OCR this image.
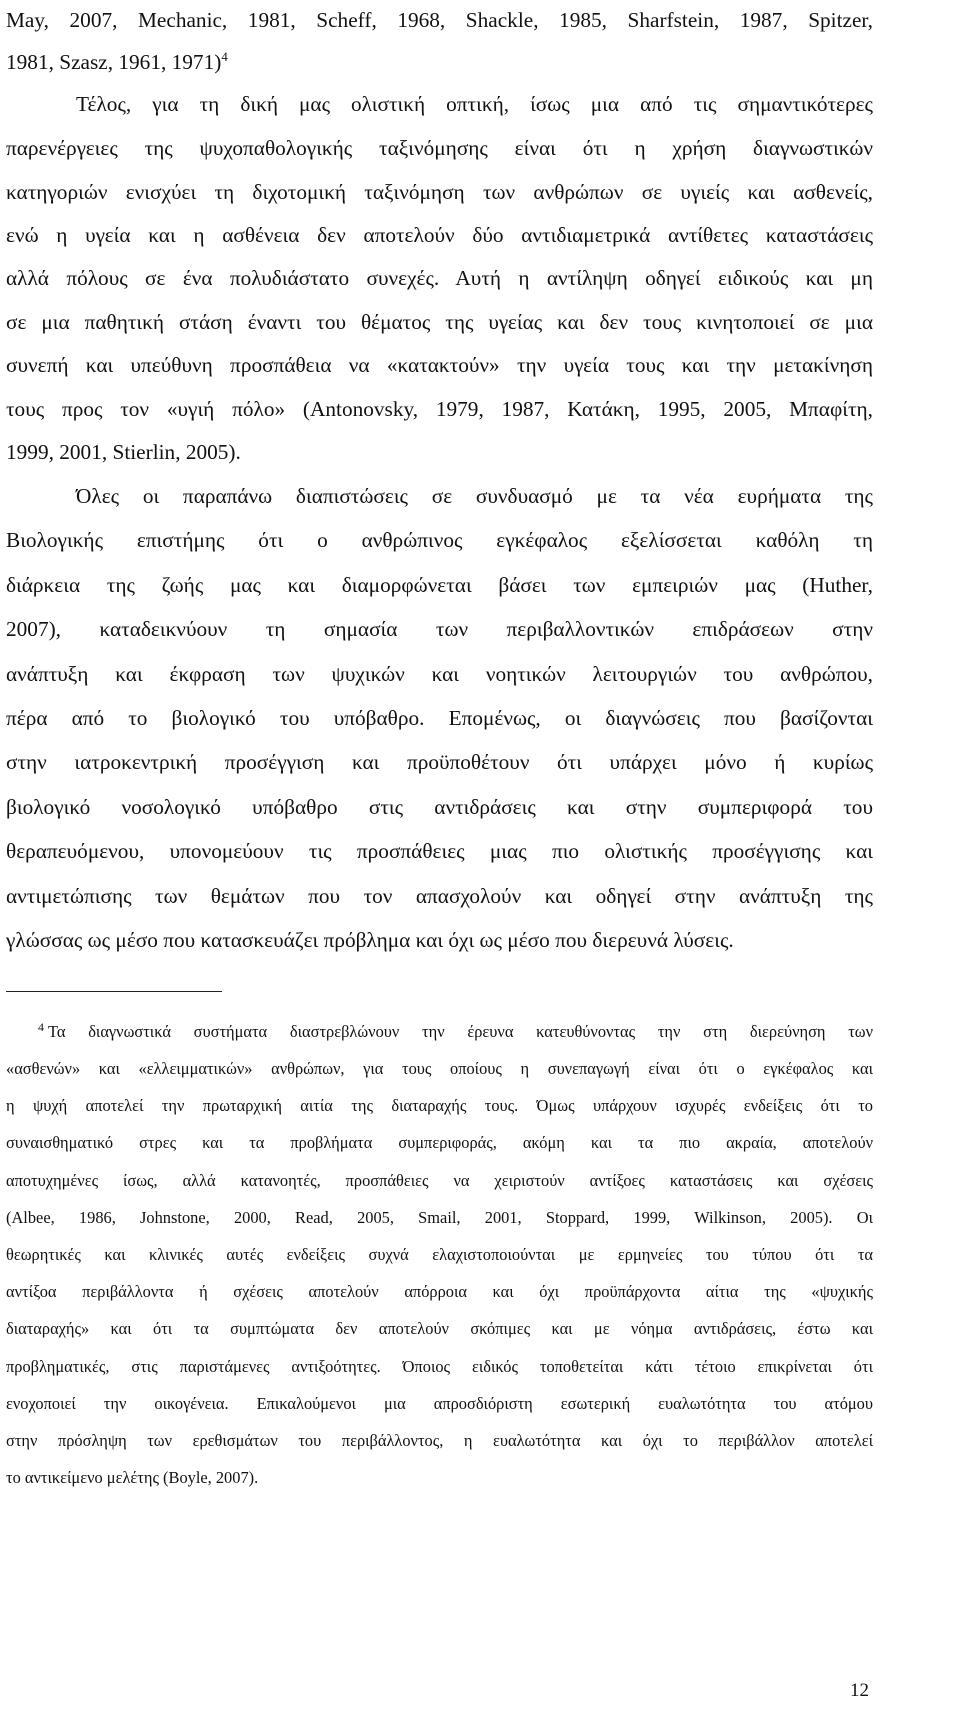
May, 2007, Mechanic, 1981, Scheff, 1968, Shackle, 1985, Sharfstein, 1987, Spitzer,
1981, Szasz, 1961, 1971)$^4$
Τέλος, για τη δική μας ολιστική οπτική, ίσως μια από τις σημαντικότερες
παρενέργειες της ψυχοπαθολογικής ταξινόμησης είναι ότι η χρήση διαγνωστικών
κατηγοριών ενισχύει τη διχοτομική ταξινόμηση των ανθρώπων σε υγιείς και ασθενείς,
ενώ η υγεία και η ασθένεια δεν αποτελούν δύο αντιδιαμετρικά αντίθετες καταστάσεις
αλλά πόλους σε ένα πολυδιάστατο συνεχές. Αυτή η αντίληψη οδηγεί ειδικούς και μη
σε μια παθητική στάση έναντι του θέματος της υγείας και δεν τους κινητοποιεί σε μια
συνεπή και υπεύθυνη προσπάθεια να «κατακτούν» την υγεία τους και την μετακίνηση
τους προς τον «υγιή πόλο» (Antonovsky, 1979, 1987, Κατάκη, 1995, 2005, Μπαφίτη,
1999, 2001, Stierlin, 2005).
Όλες οι παραπάνω διαπιστώσεις σε συνδυασμό με τα νέα ευρήματα της
Βιολογικής επιστήμης ότι ο ανθρώπινος εγκέφαλος εξελίσσεται καθόλη τη
διάρκεια της ζωής μας και διαμορφώνεται βάσει των εμπειριών μας (Huther,
2007), καταδεικνύουν τη σημασία των περιβαλλοντικών επιδράσεων στην
ανάπτυξη και έκφραση των ψυχικών και νοητικών λειτουργιών του ανθρώπου,
πέρα από το βιολογικό του υπόβαθρο. Επομένως, οι διαγνώσεις που βασίζονται
στην ιατροκεντρική προσέγγιση και προϋποθέτουν ότι υπάρχει μόνο ή κυρίως
βιολογικό νοσολογικό υπόβαθρο στις αντιδράσεις και στην συμπεριφορά του
θεραπευόμενου, υπονομεύουν τις προσπάθειες μιας πιο ολιστικής προσέγγισης και
αντιμετώπισης των θεμάτων που τον απασχολούν και οδηγεί στην ανάπτυξη της
γλώσσας ως μέσο που κατασκευάζει πρόβλημα και όχι ως μέσο που διερευνά λύσεις.
$^4$ Τα διαγνωστικά συστήματα διαστρεβλώνουν την έρευνα κατευθύνοντας την στη διερεύνηση των
«ασθενών» και «ελλειμματικών» ανθρώπων, για τους οποίους η συνεπαγωγή είναι ότι ο εγκέφαλος και
η ψυχή αποτελεί την πρωταρχική αιτία της διαταραχής τους. Όμως υπάρχουν ισχυρές ενδείξεις ότι το
συναισθηματικό στρες και τα προβλήματα συμπεριφοράς, ακόμη και τα πιο ακραία, αποτελούν
αποτυχημένες ίσως, αλλά κατανοητές, προσπάθειες να χειριστούν αντίξοες καταστάσεις και σχέσεις
(Albee, 1986, Johnstone, 2000, Read, 2005, Smail, 2001, Stoppard, 1999, Wilkinson, 2005). Οι
θεωρητικές και κλινικές αυτές ενδείξεις συχνά ελαχιστοποιούνται με ερμηνείες του τύπου ότι τα
αντίξοα περιβάλλοντα ή σχέσεις αποτελούν απόρροια και όχι προϋπάρχοντα αίτια της «ψυχικής
διαταραχής» και ότι τα συμπτώματα δεν αποτελούν σκόπιμες και με νόημα αντιδράσεις, έστω και
προβληματικές, στις παριστάμενες αντιξοότητες. Όποιος ειδικός τοποθετείται κάτι τέτοιο επικρίνεται ότι
ενοχοποιεί την οικογένεια. Επικαλούμενοι μια απροσδιόριστη εσωτερική ευαλωτότητα του ατόμου
στην πρόσληψη των ερεθισμάτων του περιβάλλοντος, η ευαλωτότητα και όχι το περιβάλλον αποτελεί
το αντικείμενο μελέτης (Boyle, 2007).
12
